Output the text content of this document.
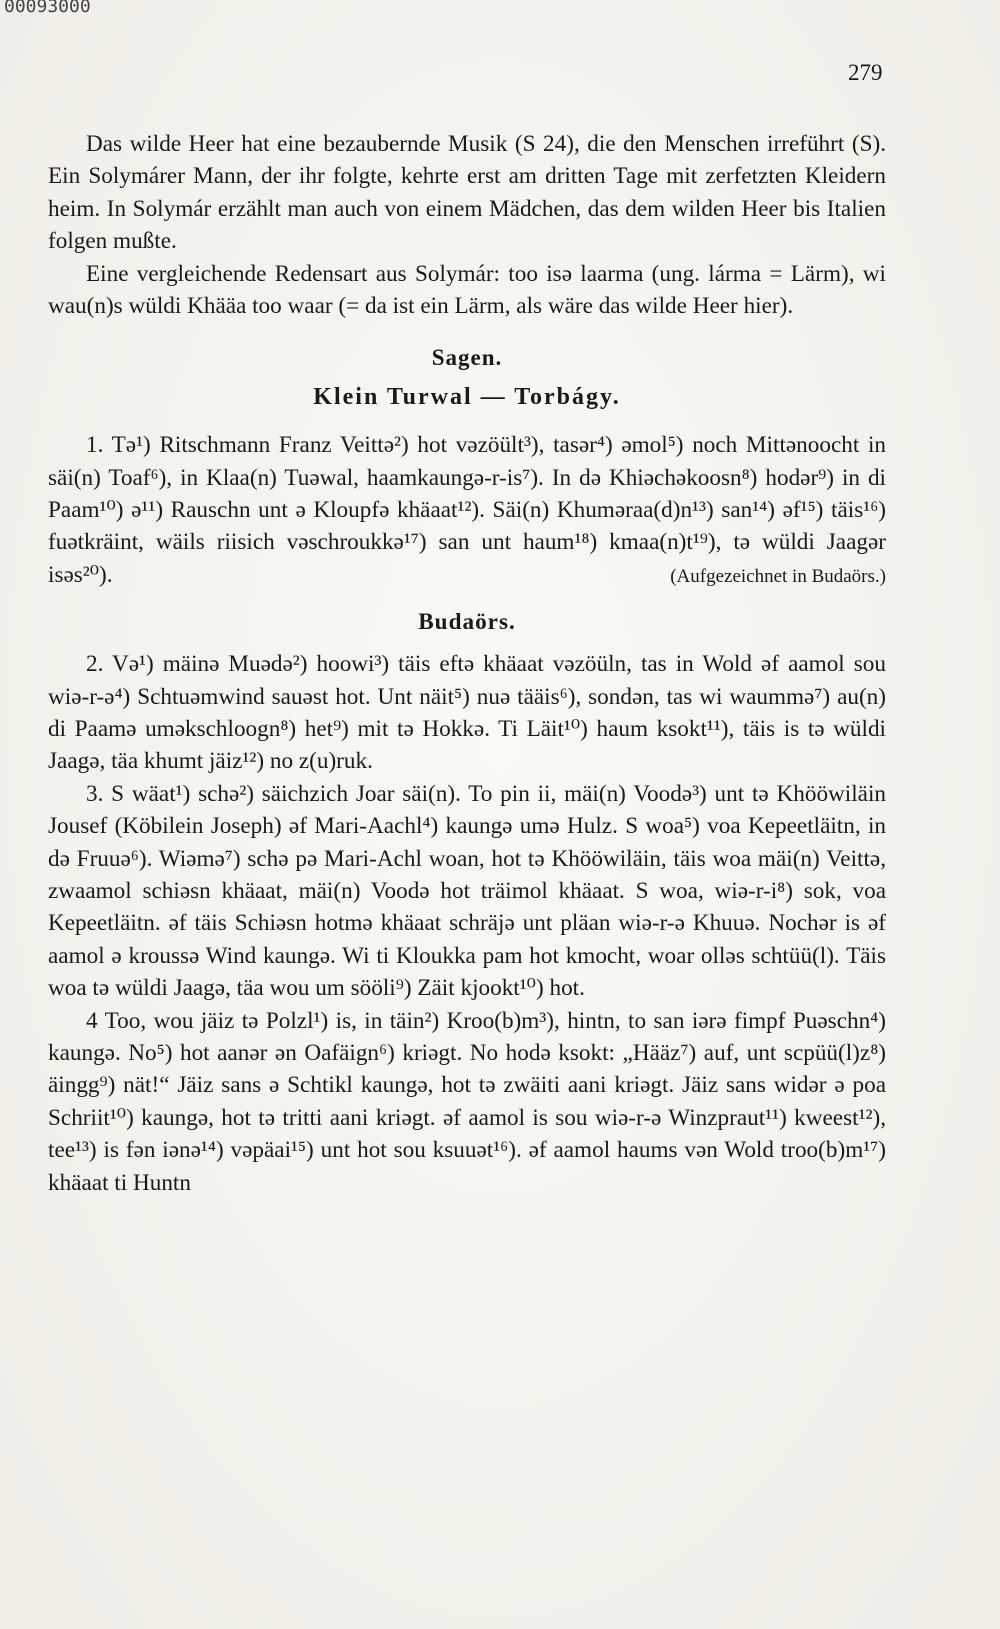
00093000
279

Das wilde Heer hat eine bezaubernde Musik (S 24), die den Menschen irreführt (S). Ein Solymárer Mann, der ihr folgte, kehrte erst am dritten Tage mit zerfetzten Kleidern heim. In Solymár erzählt man auch von einem Mädchen, das dem wilden Heer bis Italien folgen mußte.

Eine vergleichende Redensart aus Solymár: too isə laarma (ung. lárma = Lärm), wi wau(n)s wüldi Khääa too waar (= da ist ein Lärm, als wäre das wilde Heer hier).

Sagen.

Klein Turwal — Torbágy.

1. Tə¹) Ritschmann Franz Veittə²) hot vəzöült³), tasər⁴) əmol⁵) noch Mittənoocht in säi(n) Toaf⁶), in Klaa(n) Tuəwal, haamkaungə-r-is⁷). In də Khiəchəkoosn⁸) hodər⁹) in di Paam¹⁰) ə¹¹) Rauschn unt ə Kloupfə khäaat¹²). Säi(n) Khumərаa(d)n¹³) san¹⁴) əf¹⁵) täis¹⁶) fuətkräint, wäils riisich vəschroukkə¹⁷) san unt haum¹⁸) kmaa(n)t¹⁹), tə wüldi Jaagər isəs²⁰).	(Aufgezeichnet in Budaörs.)

Budaörs.

2. Və¹) mäinə Muədə²) hoowi³) täis eftə khäaat vəzöüln, tas in Wold əf aamol sou wiə-r-ə⁴) Schtuəmwind sauəst hot. Unt näit⁵) nuə tääis⁶), sondən, tas wi waummə⁷) au(n) di Paamə uməkschloogn⁸) het⁹) mit tə Hokkə. Ti Läit¹⁰) haum ksokt¹¹), täis is tə wüldi Jaagə, täa khumt jäiz¹²) no z(u)ruk.

3. S wäat¹) schə²) säichzich Joar säi(n). To pin ii, mäi(n) Voodə³) unt tə Khööwiläin Jousef (Köbilein Joseph) əf Mari-Aachl⁴) kaungə umə Hulz. S woa⁵) voa Kepeetläitn, in də Fruuə⁶). Wiəmə⁷) schə pə Mari-Achl woan, hot tə Khööwiläin, täis woa mäi(n) Veittə, zwaamol schiəsn khäaat, mäi(n) Voodə hot träimol khäaat. S woa, wiə-r-i⁸) sok, voa Kepeetläitn. əf täis Schiəsn hotmə khäaat schräjə unt pläan wiə-r-ə Khuuə. Nochər is əf aamol ə kroussə Wind kaungə. Wi ti Kloukka pam hot kmocht, woar olləs schtüü(l). Täis woa tə wüldi Jaagə, täa wou um sööli⁹) Zäit kjookt¹⁰) hot.

4 Too, wou jäiz tə Polzl¹) is, in täin²) Kroo(b)m³), hintn, to san iərə fimpf Puəschn⁴) kaungə. No⁵) hot aanər ən Oafäign⁶) kriəgt. No hodə ksokt: „Hääz⁷) auf, unt scpüü(l)z⁸) äingg⁹) nät!“ Jäiz sans ə Schtikl kaungə, hot tə zwäiti aani kriəgt. Jäiz sans widər ə poa Schriit¹⁰) kaungə, hot tə tritti aani kriəgt. əf aamol is sou wiə-r-ə Winzpraut¹¹) kweest¹²), tee¹³) is fən iənə¹⁴) vəpäai¹⁵) unt hot sou ksuuət¹⁶). əf aamol haums vən Wold troo(b)m¹⁷) khäaat ti Huntn
